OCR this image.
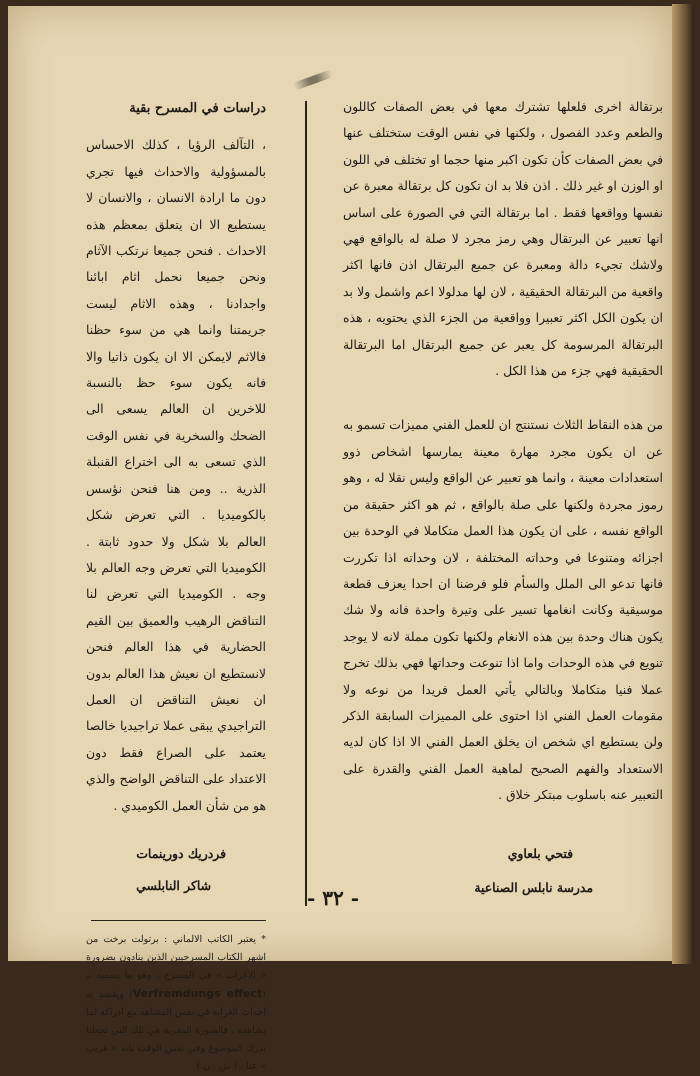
برتقالة اخرى فلعلها تشترك معها في بعض الصفات كاللون والطعم وعدد الفصول ، ولكنها في نفس الوقت ستختلف عنها في بعض الصفات كأن تكون اكبر منها حجما او تختلف في اللون او الوزن او غير ذلك . اذن فلا بد ان تكون كل برتقالة معبرة عن نفسها وواقعها فقط . اما برتقالة التي في الصورة على اساس انها تعبير عن البرتقال وهي رمز مجرد لا صلة له بالواقع فهي ولاشك تجيء دالة ومعبرة عن جميع البرتقال اذن فانها اكثر واقعية من البرتقالة الحقيقية ، لان لها مدلولا اعم واشمل ولا بد ان يكون الكل اكثر تعبيرا وواقعية من الجزء الذي يحتويه ، هذه البرتقالة المرسومة كل يعبر عن جميع البرتقال اما البرتقالة الحقيقية فهي جزء من هذا الكل .

من هذه النقاط الثلاث نستنتج ان للعمل الفني مميزات تسمو به عن ان يكون مجرد مهارة معينة يمارسها اشخاص ذوو استعدادات معينة ، وانما هو تعبير عن الواقع وليس نقلا له ، وهو رموز مجردة ولكنها على صلة بالواقع ، ثم هو اكثر حقيقة من الواقع نفسه ، على ان يكون هذا العمل متكاملا في الوحدة بين اجزائه ومتنوعا في وحداته المختلفة ، لان وحداته اذا تكررت فانها تدعو الى الملل والسأم فلو فرضنا ان احدا يعزف قطعة موسيقية وكانت انغامها تسير على وتيرة واحدة فانه ولا شك يكون هناك وحدة بين هذه الانغام ولكنها تكون مملة لانه لا يوجد تنويع في هذه الوحدات واما اذا تنوعت وحداتها فهي بذلك تخرج عملا فنيا متكاملا وبالتالي يأتي العمل فريدا من نوعه ولا مقومات العمل الفني اذا احتوى على المميزات السابقة الذكر ولن يستطيع اي شخص ان يخلق العمل الفني الا اذا كان لديه الاستعداد والفهم الصحيح لماهية العمل الفني والقدرة على التعبير عنه باسلوب مبتكر خلاق .

فتحي بلعاوي

مدرسة نابلس الصناعية

دراسات في المسرح بقية

، التآلف الرؤيا ، كذلك الاحساس بالمسؤولية والاحداث فيها تجري دون ما ارادة الانسان ، والانسان لا يستطيع الا ان يتعلق بمعظم هذه الاحداث . فنحن جميعا نرتكب الآثام ونحن جميعا نحمل اثام ابائنا واجدادنا ، وهذه الاثام ليست جريمتنا وانما هي من سوء حظنا فالاثم لايمكن الا ان يكون ذاتيا والا فانه يكون سوء حظ بالنسبة للاخرين ان العالم يسعى الى الضحك والسخرية في نفس الوقت الذي تسعى به الى اختراع القنبلة الذرية .. ومن هنا فنحن نؤسس بالكوميديا . التي تعرض شكل العالم بلا شكل ولا حدود ثابتة . الكوميديا التي تعرض وجه العالم بلا وجه . الكوميديا التي تعرض لنا التناقض الرهيب والعميق بين القيم الحضارية في هذا العالم فنحن لانستطيع ان نعيش هذا العالم بدون ان نعيش التناقض ان العمل التراجيدي يبقى عملا تراجيديا خالصا يعتمد على الصراع فقط دون الاعتداد على التناقض الواضح والذي هو من شأن العمل الكوميدي .

فردريك دورينمات

شاكر النابلسي

* يعتبر الكاتب الالماني : برتولت برخت من اشهر الكتاب المسرحيين الذين ينادون بضرورة « الاغراب » في المسرح ، وهو ما يسميه بـ (Verfremdungs effect) ويقصد به احداث الغرابة في نفس المشاهد مع ادراكه لما يشاهده ، فالصورة المغربة هي تلك التي تجعلنا ندرك الموضوع وفي نفس الوقت بانه « غريب » عنا . ( ش . ن )

- ٣٢ -
